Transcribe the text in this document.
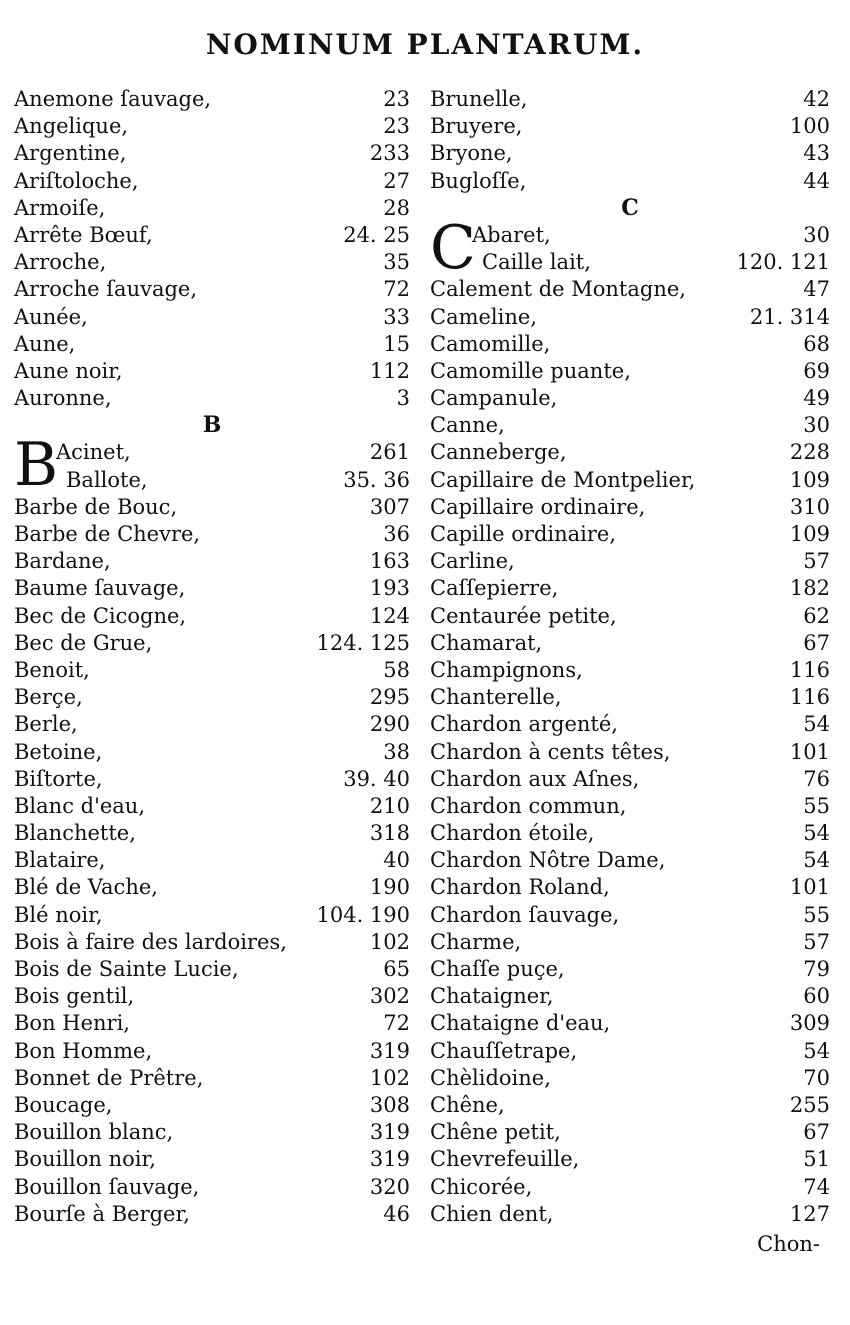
NOMINUM PLANTARUM.
Anemone ſauvage,	23
Angelique,	23
Argentine,	233
Ariſtoloche,	27
Armoiſe,	28
Arrête Bœuf,	24. 25
Arroche,	35
Arroche ſauvage,	72
Aunée,	33
Aune,	15
Aune noir,	112
Auronne,	3
B
B
Acinet,	261
Ballote,	35. 36
Barbe de Bouc,	307
Barbe de Chevre,	36
Bardane,	163
Baume ſauvage,	193
Bec de Cicogne,	124
Bec de Grue,	124. 125
Benoit,	58
Berçe,	295
Berle,	290
Betoine,	38
Biſtorte,	39. 40
Blanc d'eau,	210
Blanchette,	318
Blataire,	40
Blé de Vache,	190
Blé noir,	104. 190
Bois à faire des lardoires,	102
Bois de Sainte Lucie,	65
Bois gentil,	302
Bon Henri,	72
Bon Homme,	319
Bonnet de Prêtre,	102
Boucage,	308
Bouillon blanc,	319
Bouillon noir,	319
Bouillon ſauvage,	320
Bourſe à Berger,	46
Brunelle,	42
Bruyere,	100
Bryone,	43
Bugloſſe,	44
C
C
Abaret,	30
Caille lait,	120. 121
Calement de Montagne,	47
Cameline,	21. 314
Camomille,	68
Camomille puante,	69
Campanule,	49
Canne,	30
Canneberge,	228
Capillaire de Montpelier,	109
Capillaire ordinaire,	310
Capille ordinaire,	109
Carline,	57
Caſſepierre,	182
Centaurée petite,	62
Chamarat,	67
Champignons,	116
Chanterelle,	116
Chardon argenté,	54
Chardon à cents têtes,	101
Chardon aux Aſnes,	76
Chardon commun,	55
Chardon étoile,	54
Chardon Nôtre Dame,	54
Chardon Roland,	101
Chardon ſauvage,	55
Charme,	57
Chaſſe puçe,	79
Chataigner,	60
Chataigne d'eau,	309
Chauſſetrape,	54
Chèlidoine,	70
Chêne,	255
Chêne petit,	67
Chevrefeuille,	51
Chicorée,	74
Chien dent,	127
Chon-
